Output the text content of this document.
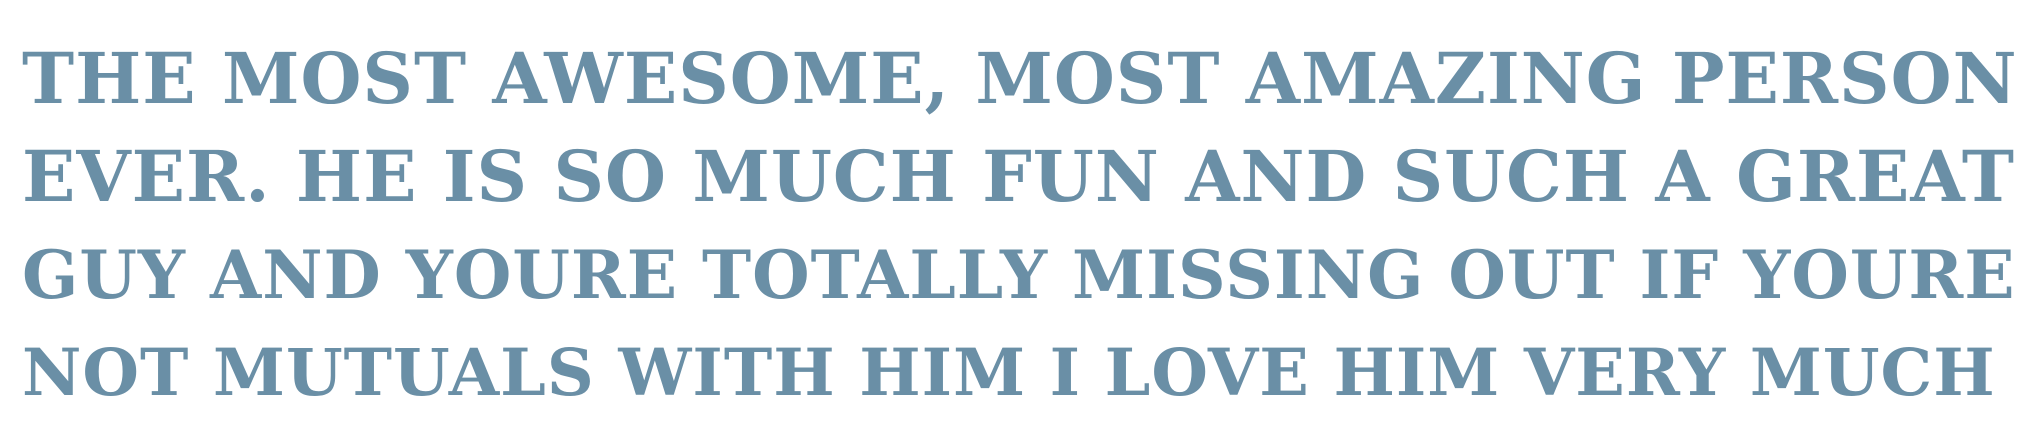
THE MOST AWESOME, MOST AMAZING PERSON
EVER. HE IS SO MUCH FUN AND SUCH A GREAT
GUY AND YOURE TOTALLY MISSING OUT IF YOURE
NOT MUTUALS WITH HIM I LOVE HIM VERY MUCH
